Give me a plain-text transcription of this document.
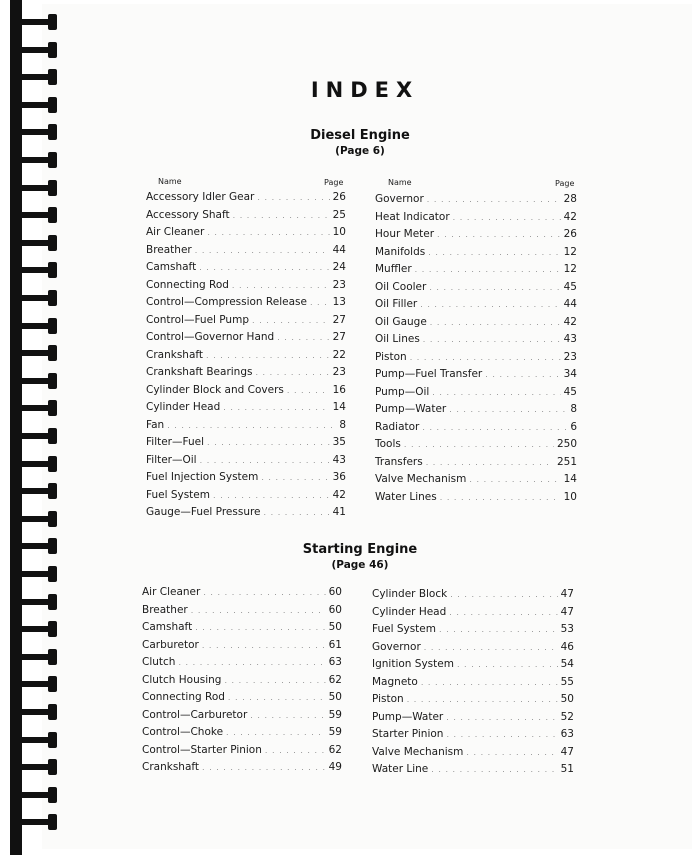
INDEX
Diesel Engine
(Page 6)
Name	Page	Name	Page
Accessory Idler Gear . . .	26
Accessory Shaft . . .	25
Air Cleaner . . .	10
Breather . . .	44
Camshaft . . .	24
Connecting Rod . . .	23
Control—Compression Release . . . 13
Control—Fuel Pump . . .	27
Control—Governor Hand . . .	27
Crankshaft . . .	22
Crankshaft Bearings . . .	23
Cylinder Block and Covers . . .	16
Cylinder Head . . .	14
Fan . . .	8
Filter—Fuel . . .	35
Filter—Oil . . .	43
Fuel Injection System . . .	36
Fuel System . . .	42
Gauge—Fuel Pressure . . .	41
Governor . . .	28
Heat Indicator . . .	42
Hour Meter . . .	26
Manifolds . . .	12
Muffler . . .	12
Oil Cooler . . .	45
Oil Filler . . .	44
Oil Gauge . . .	42
Oil Lines . . .	43
Piston . . .	23
Pump—Fuel Transfer . . .	34
Pump—Oil . . .	45
Pump—Water . . .	8
Radiator . . .	6
Tools . . .	250
Transfers . . .	251
Valve Mechanism . . .	14
Water Lines . . .	10
Starting Engine
(Page 46)
Air Cleaner . . .	60
Breather . . .	60
Camshaft . . .	50
Carburetor . . .	61
Clutch . . .	63
Clutch Housing . . .	62
Connecting Rod . . .	50
Control—Carburetor . . .	59
Control—Choke . . .	59
Control—Starter Pinion . . .	62
Crankshaft . . .	49
Cylinder Block . . .	47
Cylinder Head . . .	47
Fuel System . . .	53
Governor . . .	46
Ignition System . . .	54
Magneto . . .	55
Piston . . .	50
Pump—Water . . .	52
Starter Pinion . . .	63
Valve Mechanism . . .	47
Water Line . . .	51
